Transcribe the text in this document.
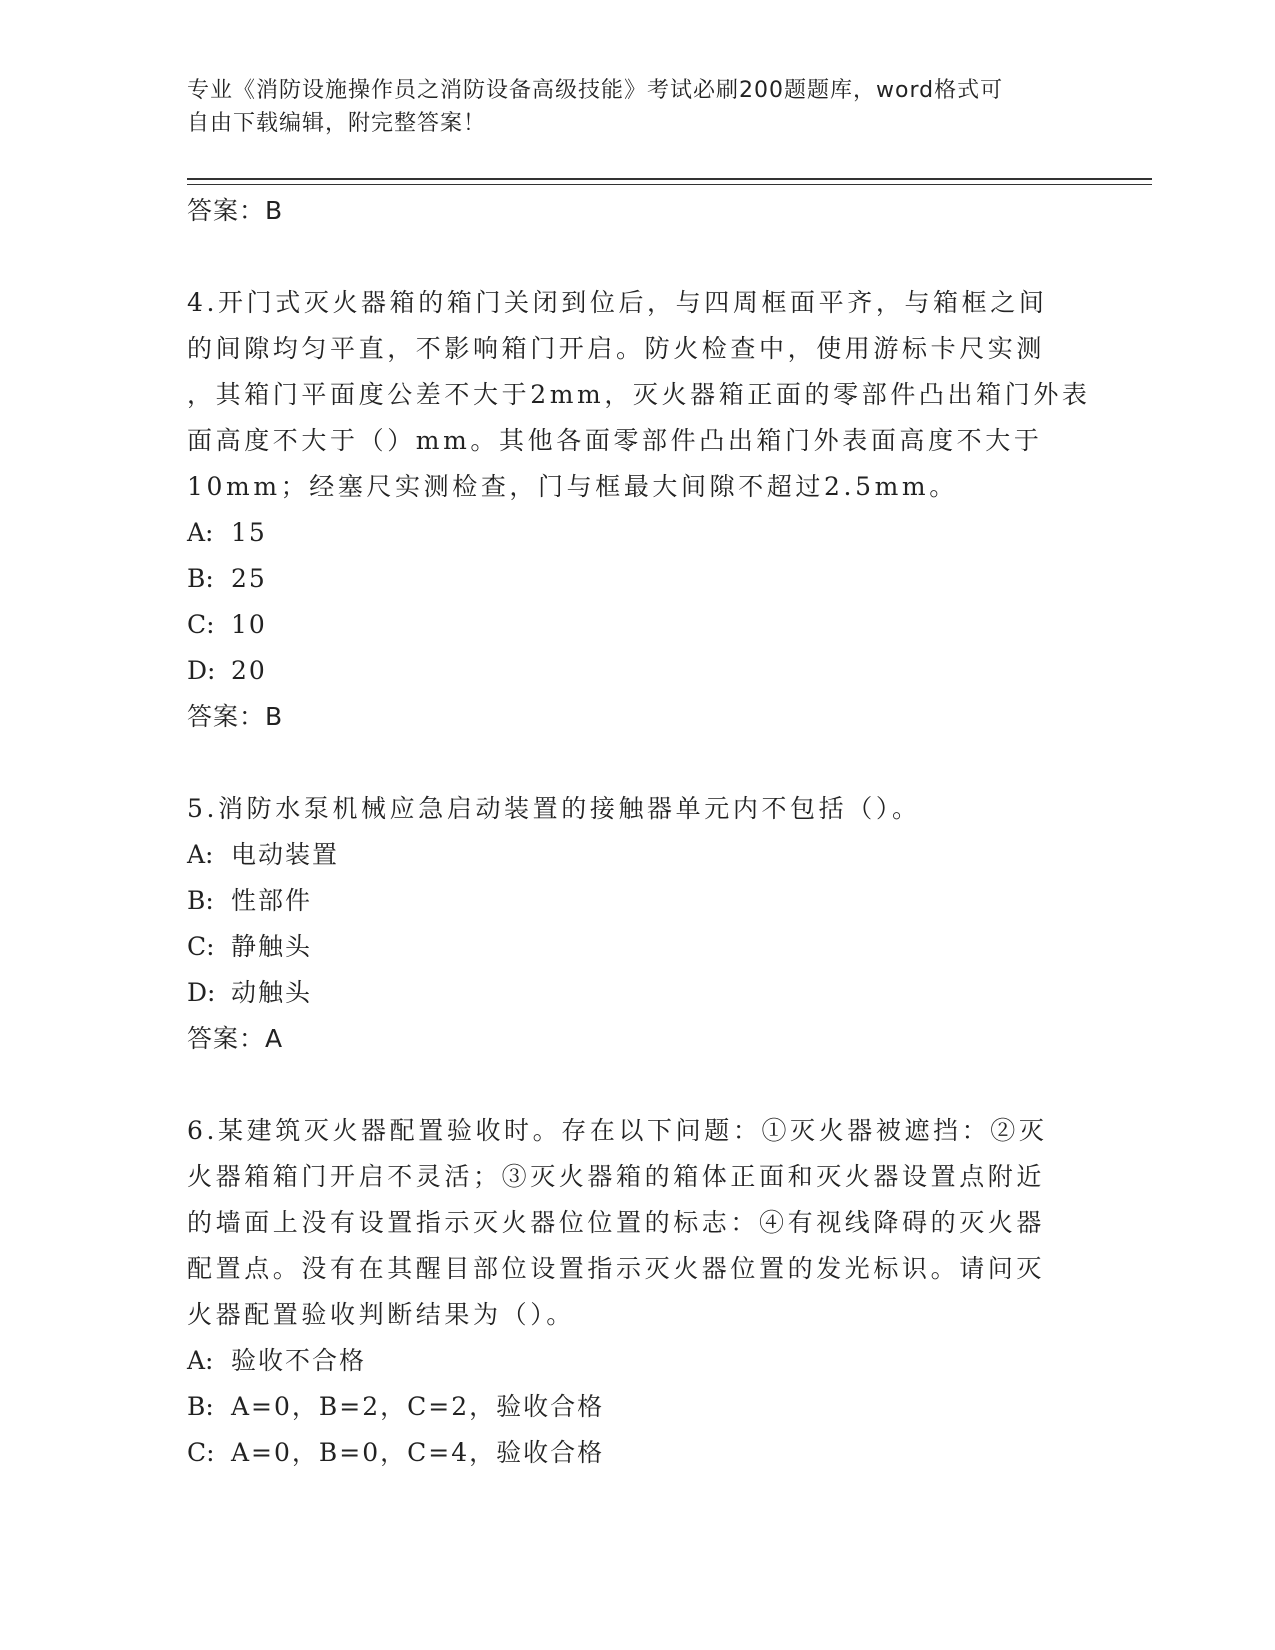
专业《消防设施操作员之消防设备高级技能》考试必刷200题题库，word格式可
自由下载编辑，附完整答案！
答案：B

4.开门式灭火器箱的箱门关闭到位后，与四周框面平齐，与箱框之间
的间隙均匀平直，不影响箱门开启。防火检查中，使用游标卡尺实测
，其箱门平面度公差不大于2mm，灭火器箱正面的零部件凸出箱门外表
面高度不大于（）mm。其他各面零部件凸出箱门外表面高度不大于
10mm；经塞尺实测检查，门与框最大间隙不超过2.5mm。

A: 15
B: 25
C: 10
D: 20
答案：B

5.消防水泵机械应急启动装置的接触器单元内不包括（）。

A: 电动装置
B: 性部件
C: 静触头
D: 动触头
答案：A

6.某建筑灭火器配置验收时。存在以下问题：①灭火器被遮挡：②灭
火器箱箱门开启不灵活；③灭火器箱的箱体正面和灭火器设置点附近
的墙面上没有设置指示灭火器位位置的标志：④有视线降碍的灭火器
配置点。没有在其醒目部位设置指示灭火器位置的发光标识。请问灭
火器配置验收判断结果为（）。

A: 验收不合格
B: A=0，B=2，C=2，验收合格
C: A=0，B=0，C=4，验收合格
